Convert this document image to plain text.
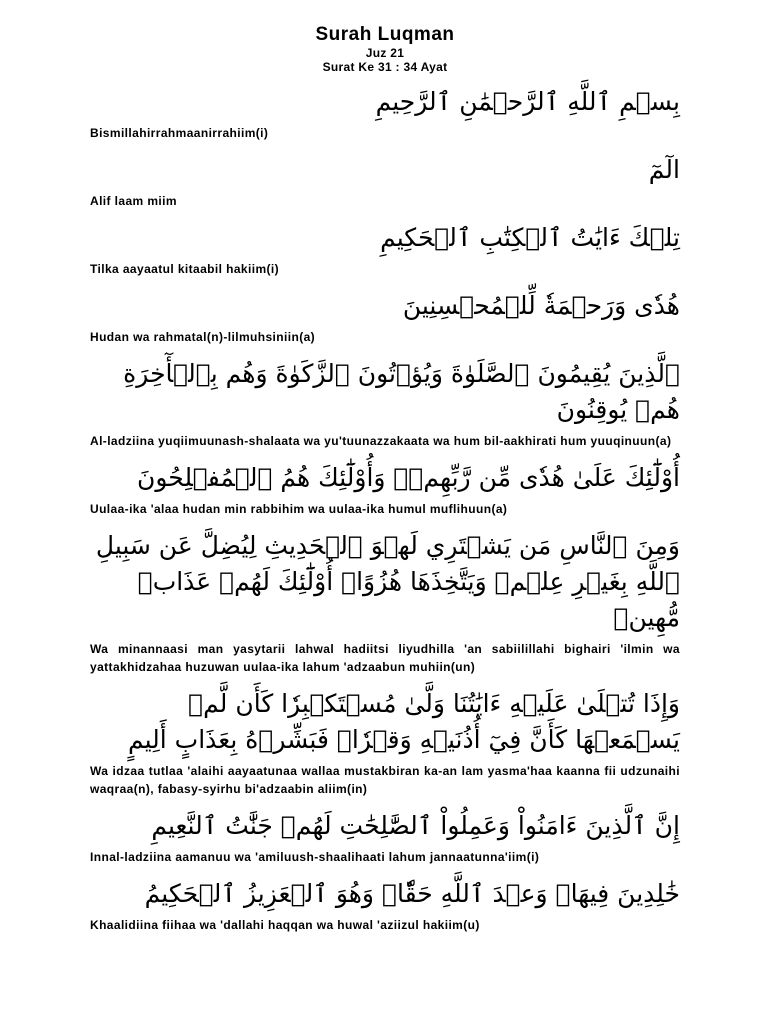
Surah Luqman
Juz 21
Surat Ke 31 : 34 Ayat

بِسۡمِ ٱللَّهِ ٱلرَّحۡمَٰنِ ٱلرَّحِيمِ

Bismillahirrahmaanirrahiim(i)

الٓمٓ

Alif laam miim

تِلۡكَ ءَايَٰتُ ٱلۡكِتَٰبِ ٱلۡحَكِيمِ

Tilka aayaatul kitaabil hakiim(i)

هُدٗى وَرَحۡمَةٗ لِّلۡمُحۡسِنِينَ

Hudan wa rahmatal(n)-lilmuhsiniin(a)

ٱلَّذِينَ يُقِيمُونَ ٱلصَّلَوٰةَ وَيُؤۡتُونَ ٱلزَّكَوٰةَ وَهُم بِٱلۡأٓخِرَةِ هُمۡ يُوقِنُونَ

Al-ladziina yuqiimuunash-shalaata wa yu'tuunazzakaata wa hum bil-aakhirati hum yuuqinuun(a)

أُوْلَٰٓئِكَ عَلَىٰ هُدٗى مِّن رَّبِّهِمۡۖ وَأُوْلَٰٓئِكَ هُمُ ٱلۡمُفۡلِحُونَ

Uulaa-ika 'alaa hudan min rabbihim wa uulaa-ika humul muflihuun(a)

وَمِنَ ٱلنَّاسِ مَن يَشۡتَرِي لَهۡوَ ٱلۡحَدِيثِ لِيُضِلَّ عَن سَبِيلِ ٱللَّهِ بِغَيۡرِ عِلۡمٖ وَيَتَّخِذَهَا هُزُوًاۚ أُوْلَٰٓئِكَ لَهُمۡ عَذَابٞ مُّهِينٞ

Wa minannaasi man yasytarii lahwal hadiitsi liyudhilla 'an sabiilillahi bighairi 'ilmin wa yattakhidzahaa huzuwan uulaa-ika lahum 'adzaabun muhiin(un)

وَإِذَا تُتۡلَىٰ عَلَيۡهِ ءَايَٰتُنَا وَلَّىٰ مُسۡتَكۡبِرٗا كَأَن لَّمۡ يَسۡمَعۡهَا كَأَنَّ فِيٓ أُذُنَيۡهِ وَقۡرٗاۖ فَبَشِّرۡهُ بِعَذَابٍ أَلِيمٍ

Wa idzaa tutlaa 'alaihi aayaatunaa wallaa mustakbiran ka-an lam yasma'haa kaanna fii udzunaihi waqraa(n), fabasy-syirhu bi'adzaabin aliim(in)

إِنَّ ٱلَّذِينَ ءَامَنُواْ وَعَمِلُواْ ٱلصَّٰلِحَٰتِ لَهُمۡ جَنَّٰتُ ٱلنَّعِيمِ

Innal-ladziina aamanuu wa 'amiluush-shaalihaati lahum jannaatunna'iim(i)

خَٰلِدِينَ فِيهَاۖ وَعۡدَ ٱللَّهِ حَقّٗاۚ وَهُوَ ٱلۡعَزِيزُ ٱلۡحَكِيمُ

Khaalidiina fiihaa wa 'dallahi haqqan wa huwal 'aziizul hakiim(u)
